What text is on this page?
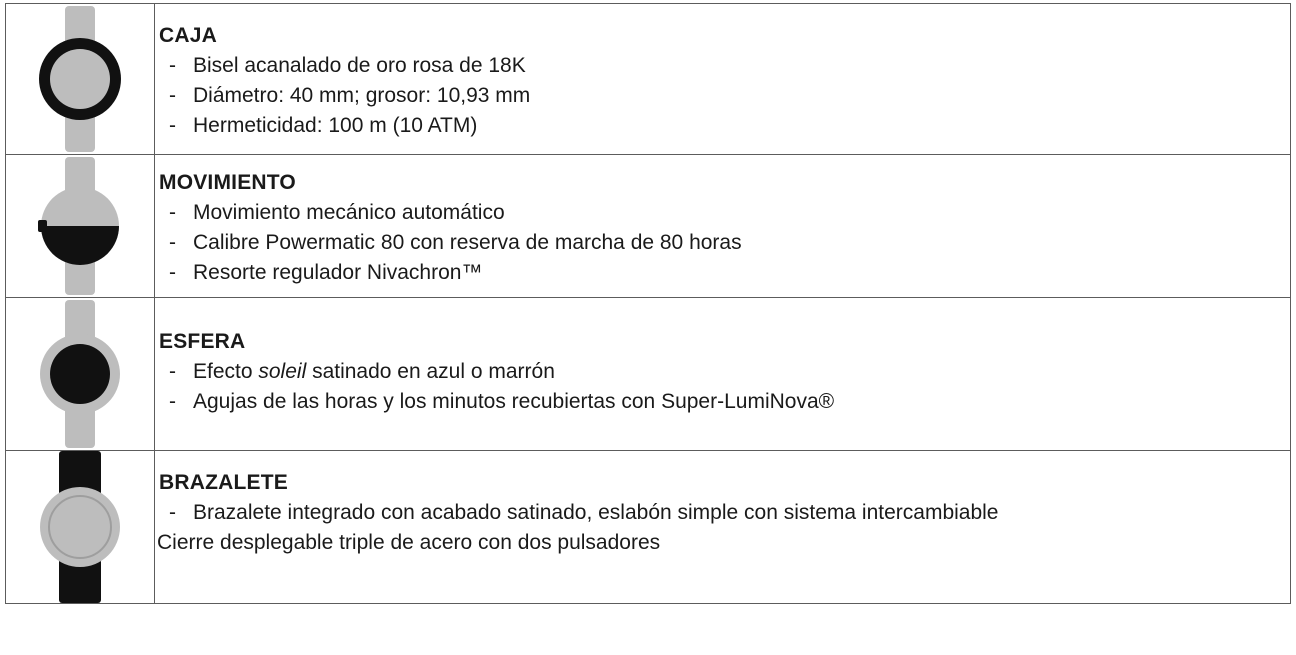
CAJA
- Bisel acanalado de oro rosa de 18K
- Diámetro: 40 mm; grosor: 10,93 mm
- Hermeticidad: 100 m (10 ATM)

MOVIMIENTO
- Movimiento mecánico automático
- Calibre Powermatic 80 con reserva de marcha de 80 horas
- Resorte regulador Nivachron™

ESFERA
- Efecto soleil satinado en azul o marrón
- Agujas de las horas y los minutos recubiertas con Super-LumiNova®

BRAZALETE
- Brazalete integrado con acabado satinado, eslabón simple con sistema intercambiable
Cierre desplegable triple de acero con dos pulsadores
